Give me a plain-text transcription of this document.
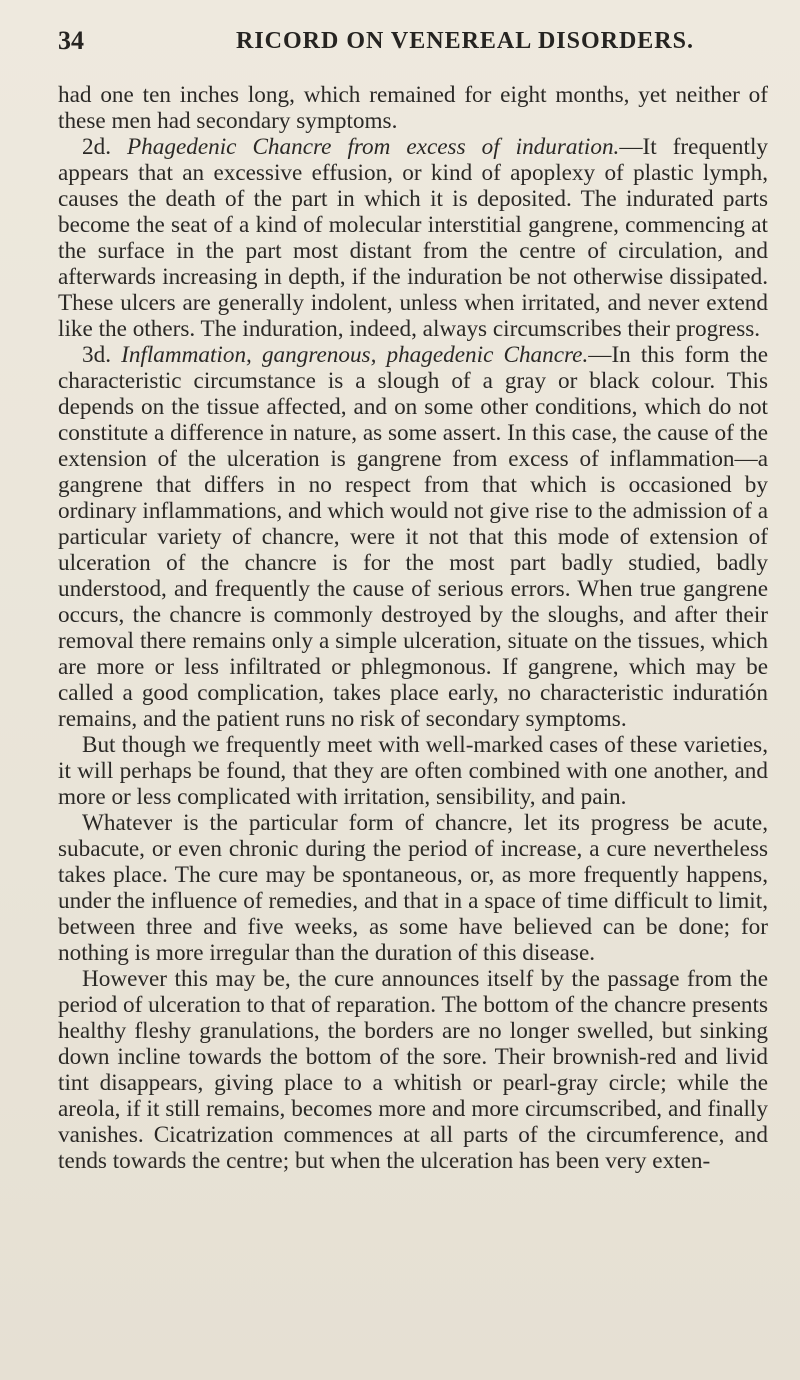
34	RICORD ON VENEREAL DISORDERS.

had one ten inches long, which remained for eight months, yet neither of these men had secondary symptoms.

2d. Phagedenic Chancre from excess of induration.—It frequently appears that an excessive effusion, or kind of apoplexy of plastic lymph, causes the death of the part in which it is deposited. The indurated parts become the seat of a kind of molecular interstitial gangrene, commencing at the surface in the part most distant from the centre of circulation, and afterwards increasing in depth, if the induration be not otherwise dissipated. These ulcers are generally indolent, unless when irritated, and never extend like the others. The induration, indeed, always circumscribes their progress.

3d. Inflammation, gangrenous, phagedenic Chancre.—In this form the characteristic circumstance is a slough of a gray or black colour. This depends on the tissue affected, and on some other conditions, which do not constitute a difference in nature, as some assert. In this case, the cause of the extension of the ulceration is gangrene from excess of inflammation—a gangrene that differs in no respect from that which is occasioned by ordinary inflammations, and which would not give rise to the admission of a particular variety of chancre, were it not that this mode of extension of ulceration of the chancre is for the most part badly studied, badly understood, and frequently the cause of serious errors. When true gangrene occurs, the chancre is commonly destroyed by the sloughs, and after their removal there remains only a simple ulceration, situate on the tissues, which are more or less infiltrated or phlegmonous. If gangrene, which may be called a good complication, takes place early, no characteristic induratión remains, and the patient runs no risk of secondary symptoms.

But though we frequently meet with well-marked cases of these varieties, it will perhaps be found, that they are often combined with one another, and more or less complicated with irritation, sensibility, and pain.

Whatever is the particular form of chancre, let its progress be acute, subacute, or even chronic during the period of increase, a cure nevertheless takes place. The cure may be spontaneous, or, as more frequently happens, under the influence of remedies, and that in a space of time difficult to limit, between three and five weeks, as some have believed can be done; for nothing is more irregular than the duration of this disease.

However this may be, the cure announces itself by the passage from the period of ulceration to that of reparation. The bottom of the chancre presents healthy fleshy granulations, the borders are no longer swelled, but sinking down incline towards the bottom of the sore. Their brownish-red and livid tint disappears, giving place to a whitish or pearl-gray circle; while the areola, if it still remains, becomes more and more circumscribed, and finally vanishes. Cicatrization commences at all parts of the circumference, and tends towards the centre; but when the ulceration has been very exten-
